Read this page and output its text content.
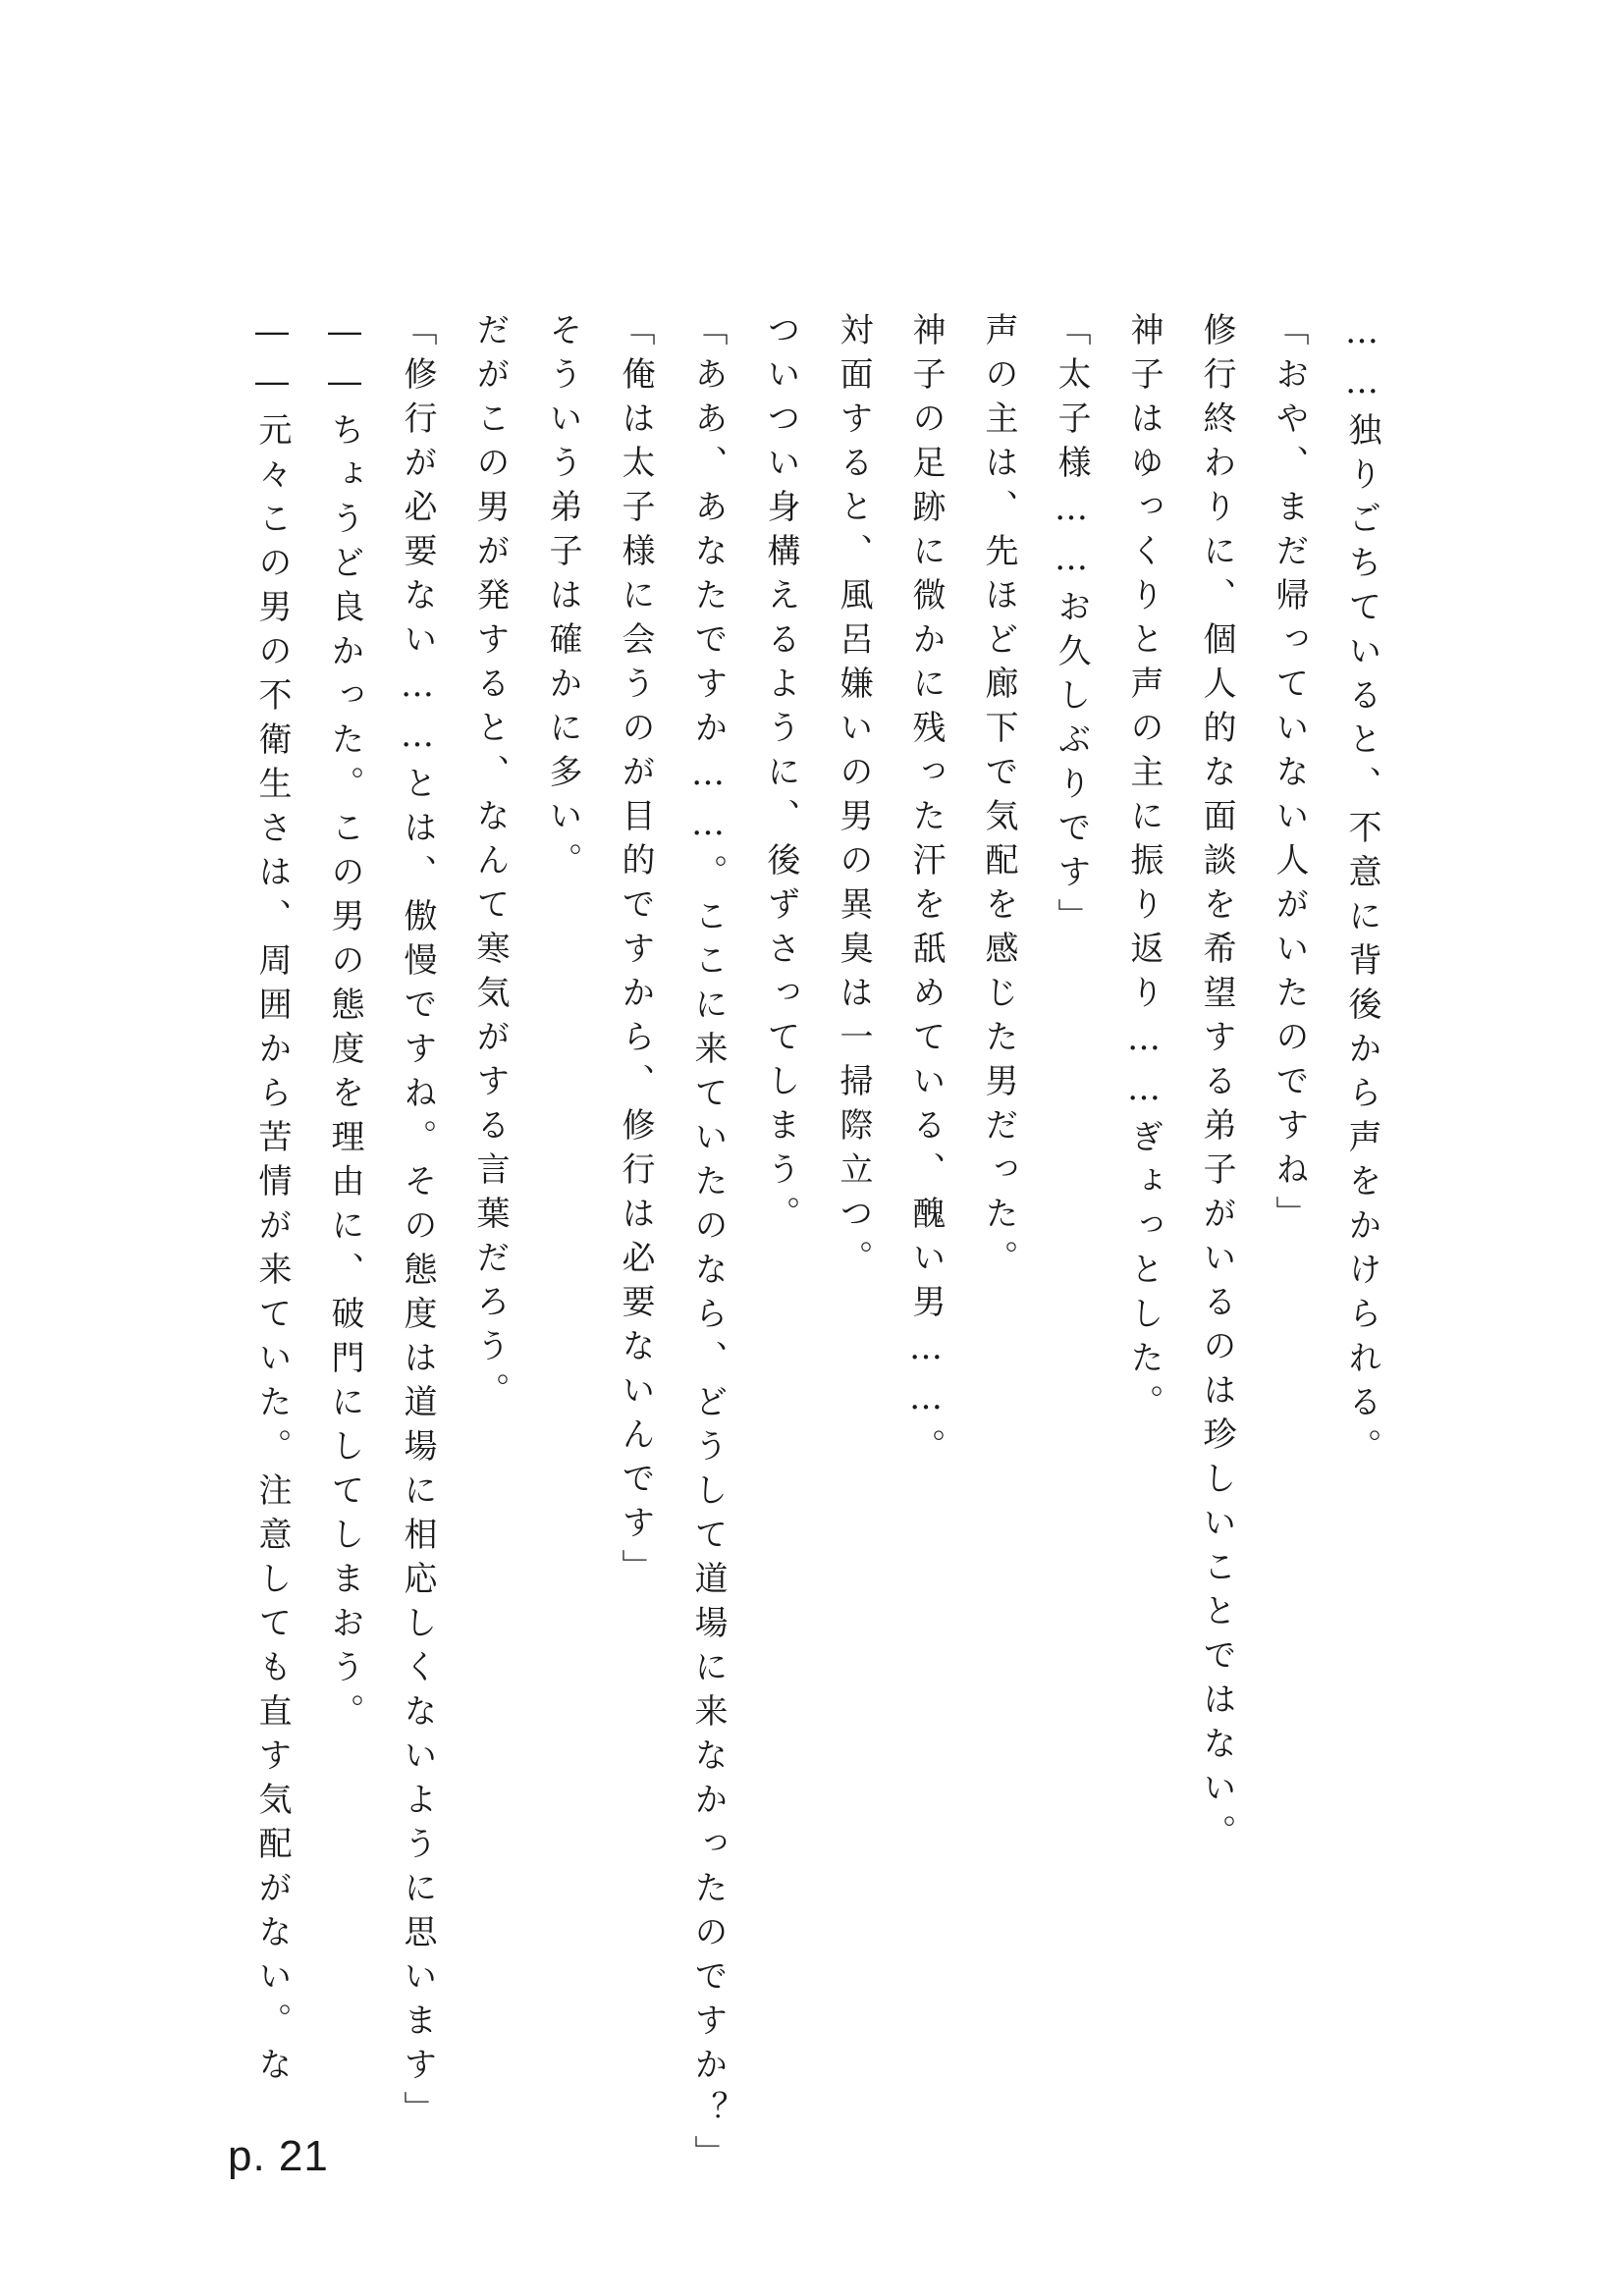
……独りごちていると、不意に背後から声をかけられる。
「おや、まだ帰っていない人がいたのですね」
修行終わりに、個人的な面談を希望する弟子がいるのは珍しいことではない。
神子はゆっくりと声の主に振り返り……ぎょっとした。
「太子様……お久しぶりです」
声の主は、先ほど廊下で気配を感じた男だった。
神子の足跡に微かに残った汗を舐めている、醜い男……。
対面すると、風呂嫌いの男の異臭は一掃際立つ。
ついつい身構えるように、後ずさってしまう。
「ああ、あなたですか……。ここに来ていたのなら、どうして道場に来なかったのですか？」
「俺は太子様に会うのが目的ですから、修行は必要ないんです」
そういう弟子は確かに多い。
だがこの男が発すると、なんて寒気がする言葉だろう。
「修行が必要ない……とは、傲慢ですね。その態度は道場に相応しくないように思います」
――ちょうど良かった。この男の態度を理由に、破門にしてしまおう。
――元々この男の不衛生さは、周囲から苦情が来ていた。注意しても直す気配がない。な
p. 21
